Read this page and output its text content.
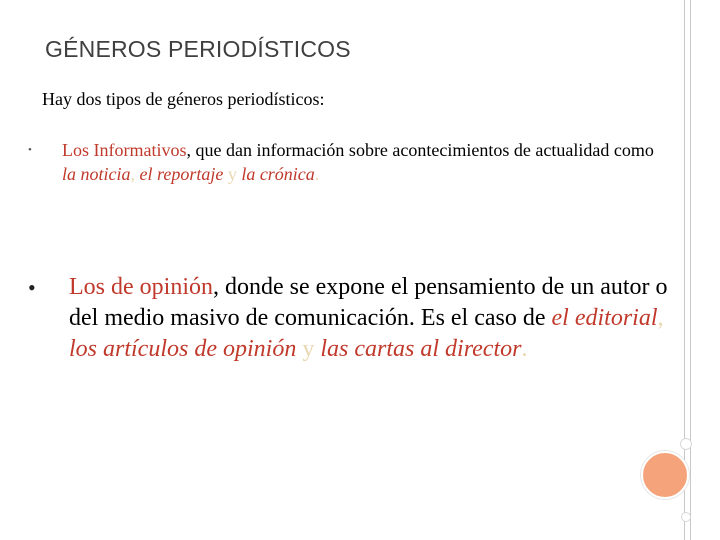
GÉNEROS PERIODÍSTICOS
Hay dos tipos de géneros periodísticos:
• Los Informativos, que dan información sobre acontecimientos de actualidad como la noticia, el reportaje y la crónica.
• Los de opinión, donde se expone el pensamiento de un autor o del medio masivo de comunicación. Es el caso de el editorial, los artículos de opinión y las cartas al director.
